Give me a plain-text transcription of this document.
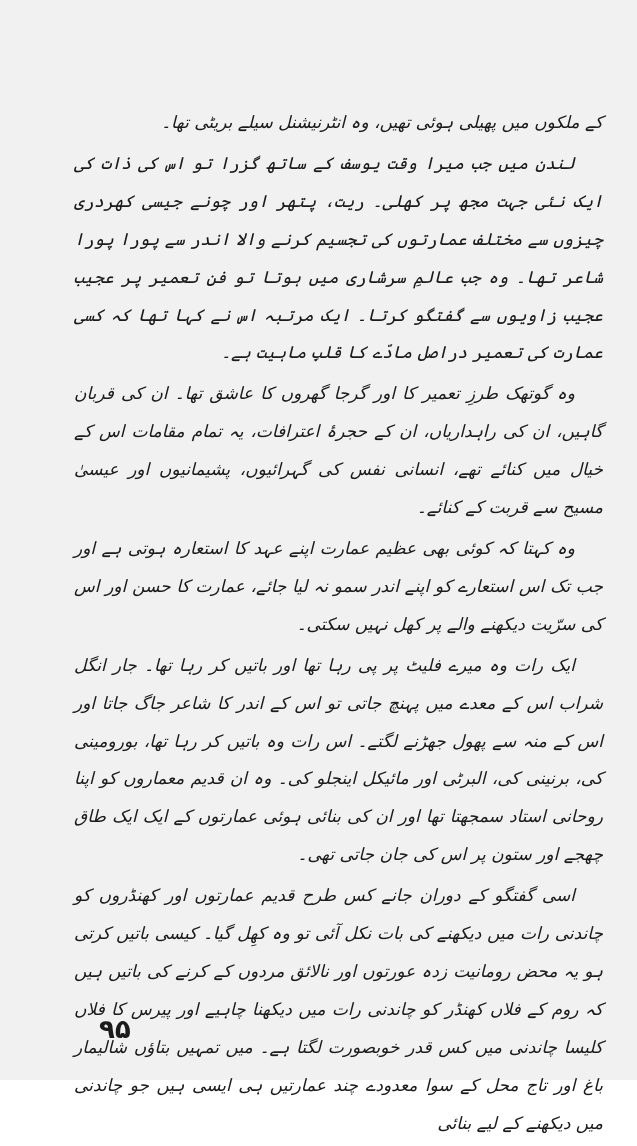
کے ملکوں میں پھیلی ہوئی تھیں، وہ انٹرنیشنل سیلے بریٹی تھا۔

لندن میں جب میرا وقت یوسف کے ساتھ گزرا تو اس کی ذات کی ایک نئی جہت مجھ پر کھلی۔ ریت، پتھر اور چونے جیسی کھردری چیزوں سے مختلف عمارتوں کی تجسیم کرنے والا اندر سے پورا پورا شاعر تھا۔ وہ جب عالمِ سرشاری میں ہوتا تو فنِ تعمیر پر عجیب عجیب زاویوں سے گفتگو کرتا۔ ایک مرتبہ اس نے کہا تھا کہ کسی عمارت کی تعمیر دراصل مادّے کا قلبِ ماہیت ہے۔

وہ گوتھک طرزِ تعمیر کا اور گرجا گھروں کا عاشق تھا۔ ان کی قربان گاہیں، ان کی راہداریاں، ان کے حجرۂ اعترافات، یہ تمام مقامات اس کے خیال میں کنائے تھے، انسانی نفس کی گہرائیوں، پشیمانیوں اور عیسیٰ مسیح سے قربت کے کنائے۔

وہ کہتا کہ کوئی بھی عظیم عمارت اپنے عہد کا استعارہ ہوتی ہے اور جب تک اس استعارے کو اپنے اندر سمو نہ لیا جائے، عمارت کا حسن اور اس کی سرّیت دیکھنے والے پر کھل نہیں سکتی۔

ایک رات وہ میرے فلیٹ پر پی رہا تھا اور باتیں کر رہا تھا۔ جار انگل شراب اس کے معدے میں پہنچ جاتی تو اس کے اندر کا شاعر جاگ جاتا اور اس کے منہ سے پھول جھڑنے لگتے۔ اس رات وہ باتیں کر رہا تھا، بورومینی کی، برنینی کی، البرٹی اور مائیکل اینجلو کی۔ وہ ان قدیم معماروں کو اپنا روحانی استاد سمجھتا تھا اور ان کی بنائی ہوئی عمارتوں کے ایک ایک طاق چھجے اور ستون پر اس کی جان جاتی تھی۔

اسی گفتگو کے دوران جانے کس طرح قدیم عمارتوں اور کھنڈروں کو چاندنی رات میں دیکھنے کی بات نکل آئی تو وہ کھِل گیا۔ کیسی باتیں کرتی ہو یہ محض رومانیت زدہ عورتوں اور نالائق مردوں کے کرنے کی باتیں ہیں کہ روم کے فلاں کھنڈر کو چاندنی رات میں دیکھنا چاہیے اور پیرس کا فلاں کلیسا چاندنی میں کس قدر خوبصورت لگتا ہے۔ میں تمہیں بتاؤں شالیمار باغ اور تاج محل کے سوا معدودے چند عمارتیں ہی ایسی ہیں جو چاندنی میں دیکھنے کے لیے بنائی

۹۵
